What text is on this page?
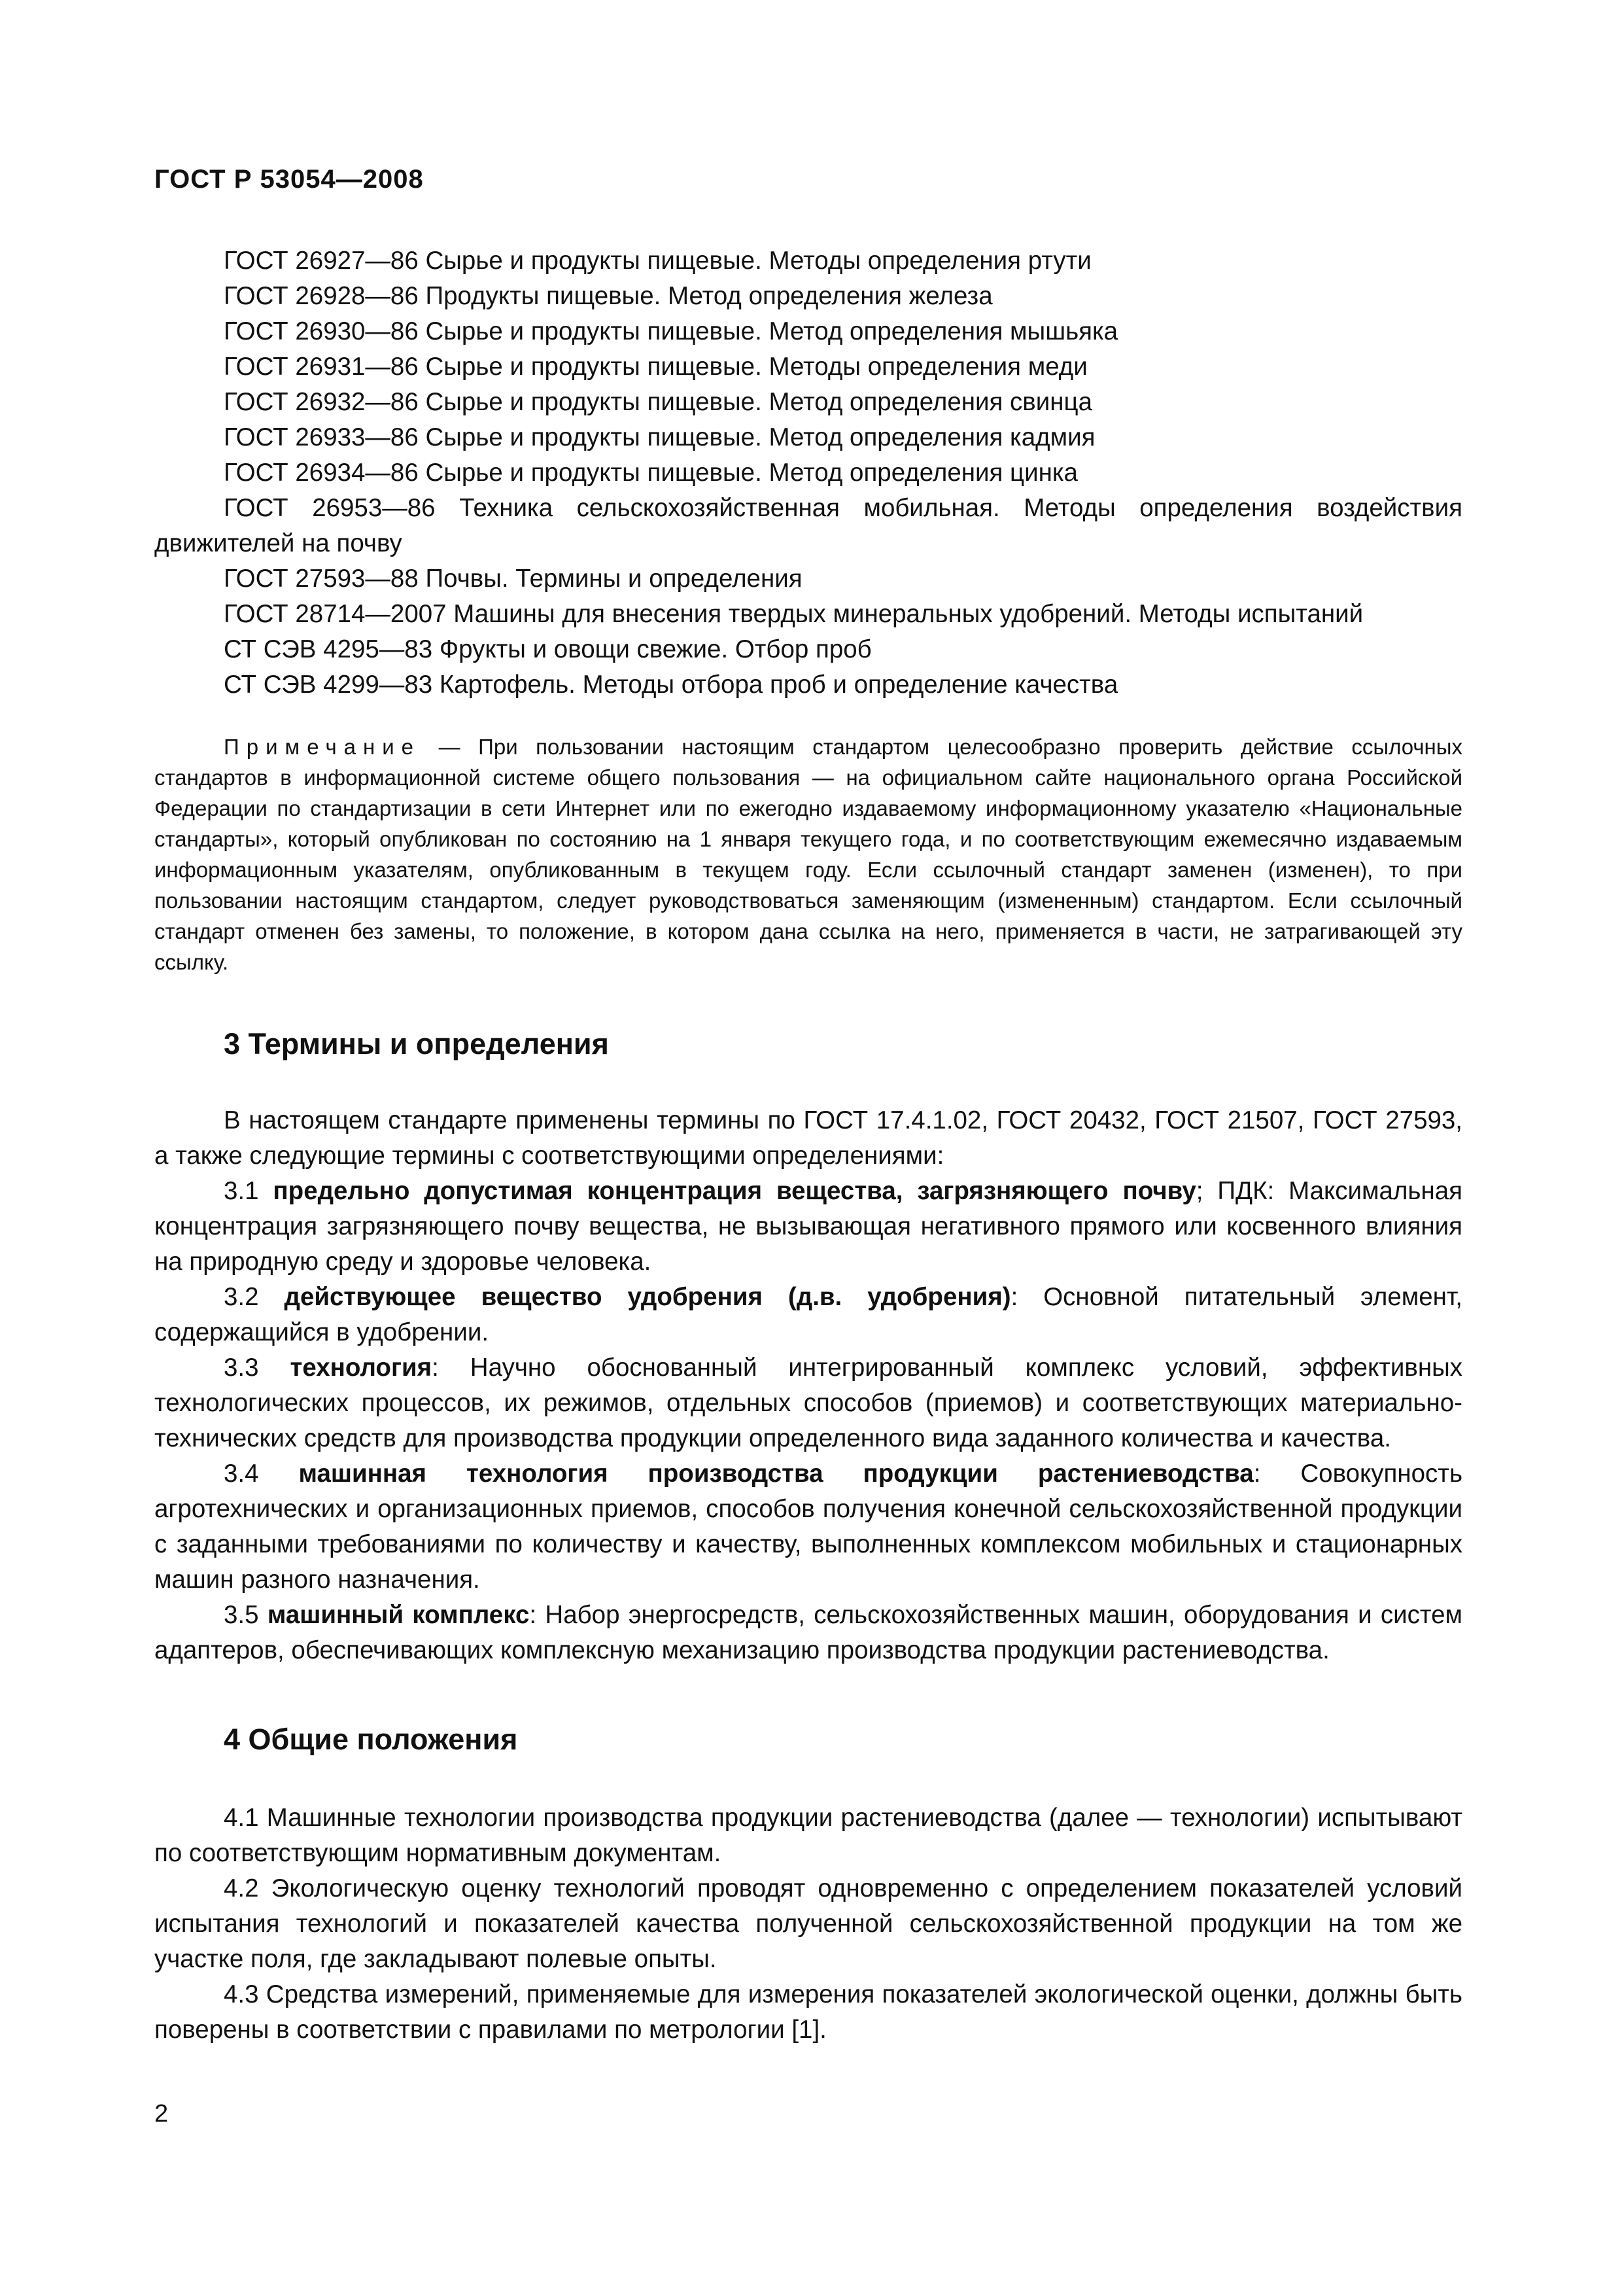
ГОСТ Р 53054—2008

ГОСТ 26927—86 Сырье и продукты пищевые. Методы определения ртути

ГОСТ 26928—86 Продукты пищевые. Метод определения железа

ГОСТ 26930—86 Сырье и продукты пищевые. Метод определения мышьяка

ГОСТ 26931—86 Сырье и продукты пищевые. Методы определения меди

ГОСТ 26932—86 Сырье и продукты пищевые. Метод определения свинца

ГОСТ 26933—86 Сырье и продукты пищевые. Метод определения кадмия

ГОСТ 26934—86 Сырье и продукты пищевые. Метод определения цинка

ГОСТ 26953—86 Техника сельскохозяйственная мобильная. Методы определения воздействия движителей на почву

ГОСТ 27593—88 Почвы. Термины и определения

ГОСТ 28714—2007 Машины для внесения твердых минеральных удобрений. Методы испытаний

СТ СЭВ 4295—83 Фрукты и овощи свежие. Отбор проб

СТ СЭВ 4299—83 Картофель. Методы отбора проб и определение качества

Примечание — При пользовании настоящим стандартом целесообразно проверить действие ссылочных стандартов в информационной системе общего пользования — на официальном сайте национального органа Российской Федерации по стандартизации в сети Интернет или по ежегодно издаваемому информационному указателю «Национальные стандарты», который опубликован по состоянию на 1 января текущего года, и по соответствующим ежемесячно издаваемым информационным указателям, опубликованным в текущем году. Если ссылочный стандарт заменен (изменен), то при пользовании настоящим стандартом, следует руководствоваться заменяющим (измененным) стандартом. Если ссылочный стандарт отменен без замены, то положение, в котором дана ссылка на него, применяется в части, не затрагивающей эту ссылку.

3 Термины и определения

В настоящем стандарте применены термины по ГОСТ 17.4.1.02, ГОСТ 20432, ГОСТ 21507, ГОСТ 27593, а также следующие термины с соответствующими определениями:

3.1 предельно допустимая концентрация вещества, загрязняющего почву; ПДК: Максимальная концентрация загрязняющего почву вещества, не вызывающая негативного прямого или косвенного влияния на природную среду и здоровье человека.

3.2 действующее вещество удобрения (д.в. удобрения): Основной питательный элемент, содержащийся в удобрении.

3.3 технология: Научно обоснованный интегрированный комплекс условий, эффективных технологических процессов, их режимов, отдельных способов (приемов) и соответствующих материально-технических средств для производства продукции определенного вида заданного количества и качества.

3.4 машинная технология производства продукции растениеводства: Совокупность агротехнических и организационных приемов, способов получения конечной сельскохозяйственной продукции с заданными требованиями по количеству и качеству, выполненных комплексом мобильных и стационарных машин разного назначения.

3.5 машинный комплекс: Набор энергосредств, сельскохозяйственных машин, оборудования и систем адаптеров, обеспечивающих комплексную механизацию производства продукции растениеводства.

4 Общие положения

4.1 Машинные технологии производства продукции растениеводства (далее — технологии) испытывают по соответствующим нормативным документам.

4.2 Экологическую оценку технологий проводят одновременно с определением показателей условий испытания технологий и показателей качества полученной сельскохозяйственной продукции на том же участке поля, где закладывают полевые опыты.

4.3 Средства измерений, применяемые для измерения показателей экологической оценки, должны быть поверены в соответствии с правилами по метрологии [1].

2
